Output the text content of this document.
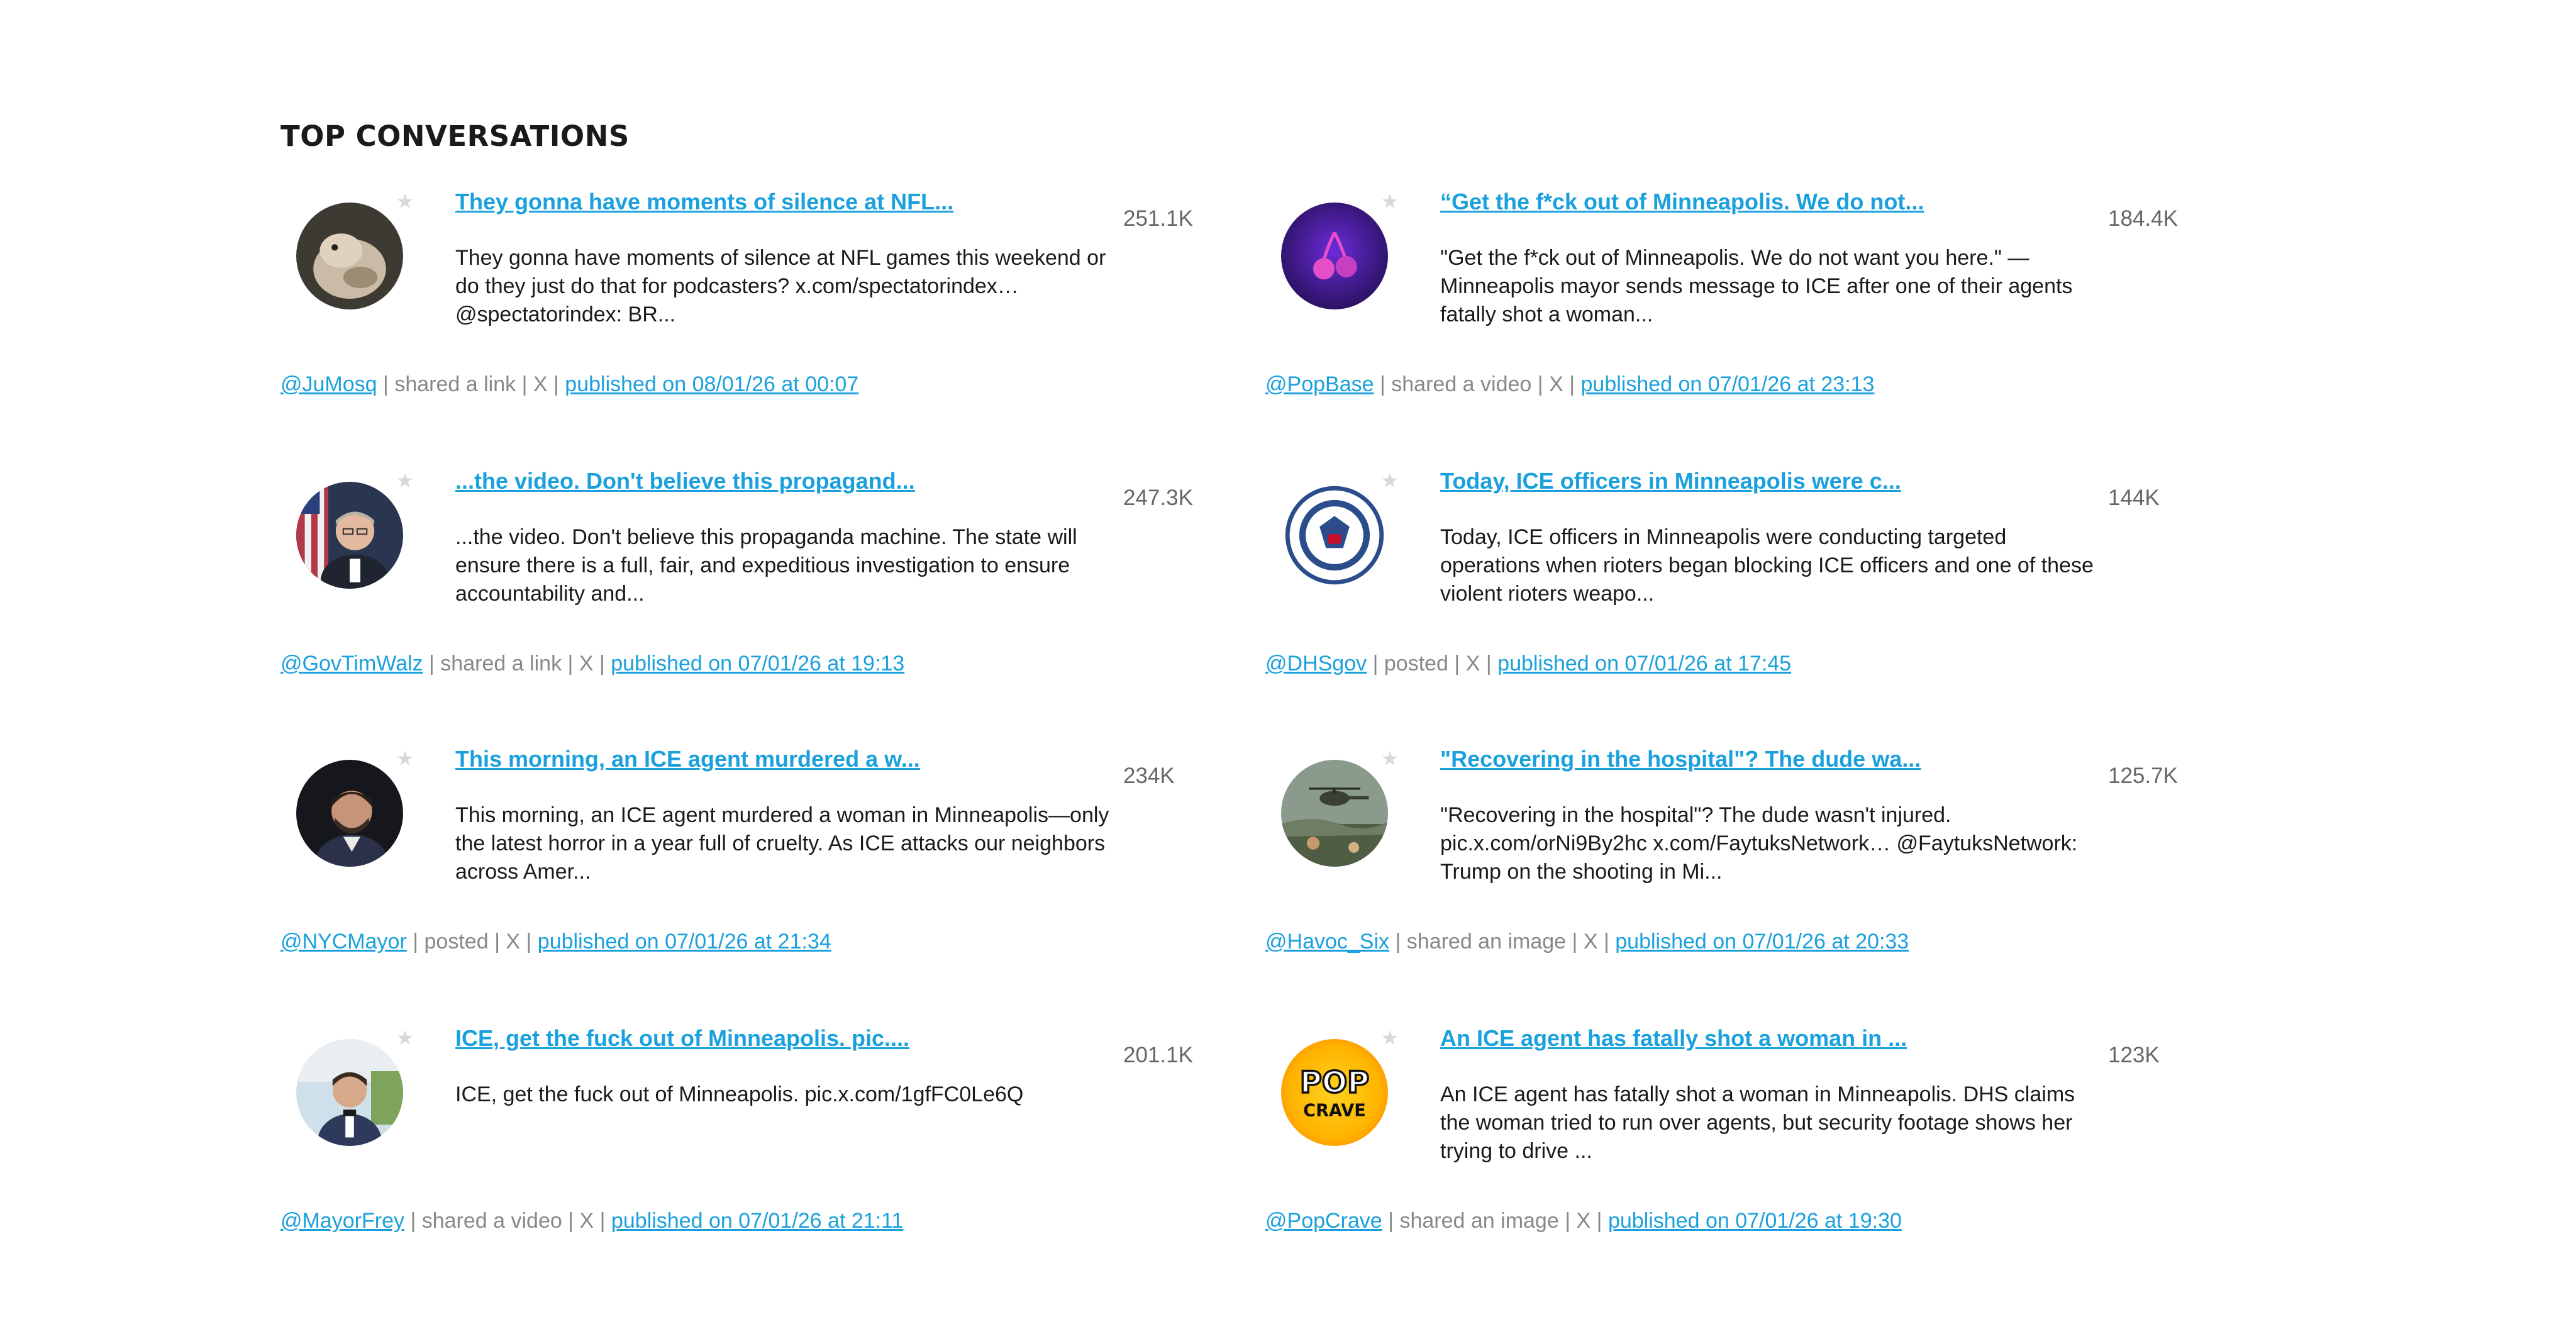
TOP CONVERSATIONS
★ They gonna have moments of silence at NFL...
251.1K
They gonna have moments of silence at NFL games this weekend or do they just do that for podcasters? x.com/spectatorindex… @spectatorindex: BR...
@JuMosq | shared a link | X | published on 08/01/26 at 00:07
★ “Get the f*ck out of Minneapolis. We do not...
184.4K
"Get the f*ck out of Minneapolis. We do not want you here." — Minneapolis mayor sends message to ICE after one of their agents fatally shot a woman...
@PopBase | shared a video | X | published on 07/01/26 at 23:13
★ ...the video. Don't believe this propagand...
247.3K
...the video. Don't believe this propaganda machine. The state will ensure there is a full, fair, and expeditious investigation to ensure accountability and...
@GovTimWalz | shared a link | X | published on 07/01/26 at 19:13
★ Today, ICE officers in Minneapolis were c...
144K
Today, ICE officers in Minneapolis were conducting targeted operations when rioters began blocking ICE officers and one of these violent rioters weapo...
@DHSgov | posted | X | published on 07/01/26 at 17:45
★ This morning, an ICE agent murdered a w...
234K
This morning, an ICE agent murdered a woman in Minneapolis—only the latest horror in a year full of cruelty. As ICE attacks our neighbors across Amer...
@NYCMayor | posted | X | published on 07/01/26 at 21:34
★ "Recovering in the hospital"? The dude wa...
125.7K
"Recovering in the hospital"? The dude wasn't injured. pic.x.com/orNi9By2hc x.com/FaytuksNetwork… @FaytuksNetwork: Trump on the shooting in Mi...
@Havoc_Six | shared an image | X | published on 07/01/26 at 20:33
★ ICE, get the fuck out of Minneapolis. pic....
201.1K
ICE, get the fuck out of Minneapolis. pic.x.com/1gfFC0Le6Q
@MayorFrey | shared a video | X | published on 07/01/26 at 21:11
POP
CRAVE
★ An ICE agent has fatally shot a woman in ...
123K
An ICE agent has fatally shot a woman in Minneapolis. DHS claims the woman tried to run over agents, but security footage shows her trying to drive ...
@PopCrave | shared an image | X | published on 07/01/26 at 19:30
